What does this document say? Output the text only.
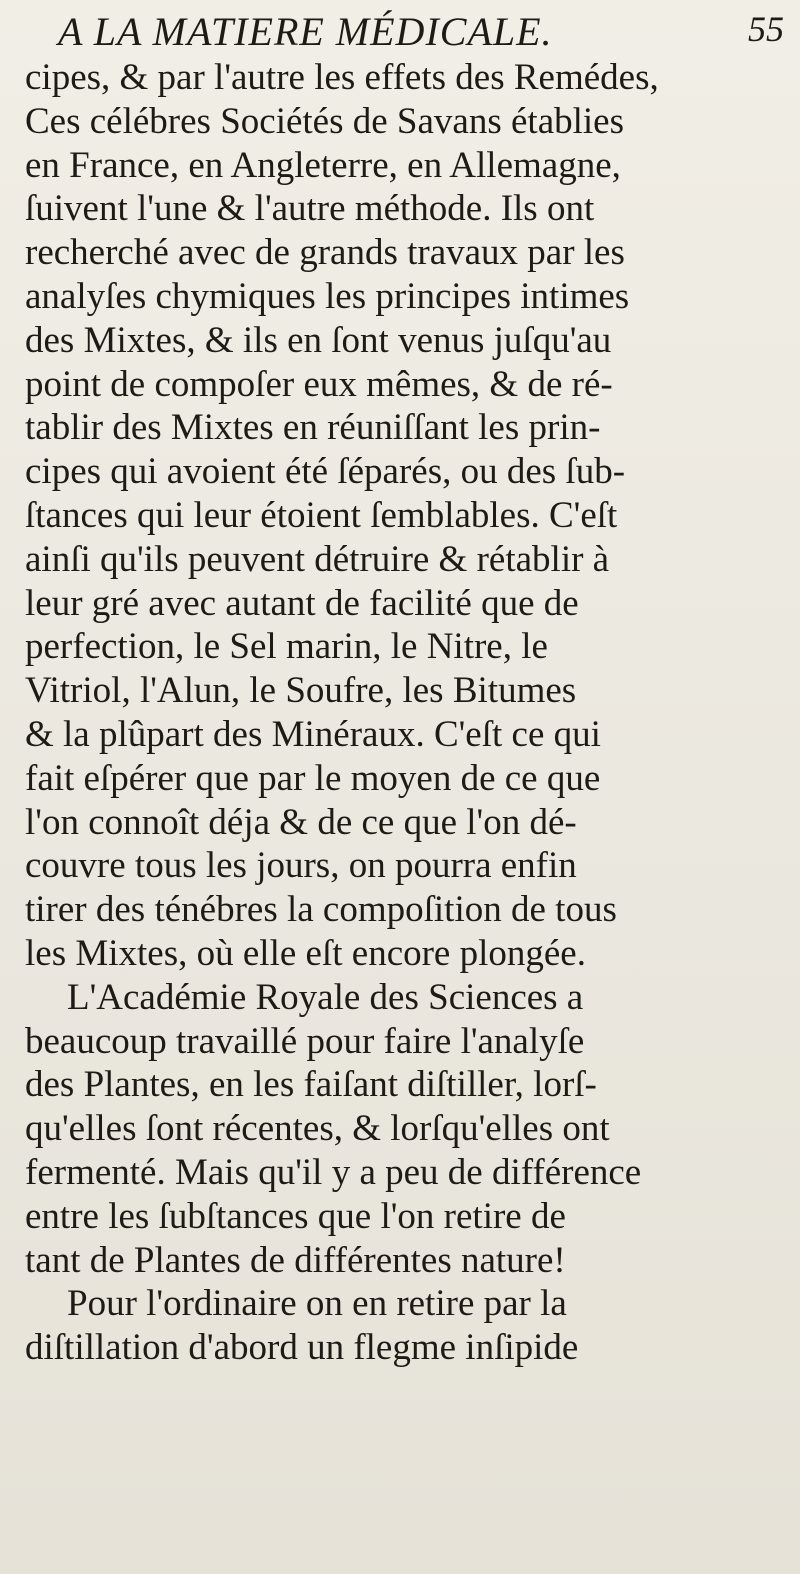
A LA MATIERE MÉDICALE.	55
cipes, & par l'autre les effets des Remédes,
Ces célébres Sociétés de Savans établies
en France, en Angleterre, en Allemagne,
ſuivent l'une & l'autre méthode. Ils ont
recherché avec de grands travaux par les
analyſes chymiques les principes intimes
des Mixtes, & ils en ſont venus juſqu'au
point de compoſer eux mêmes, & de ré-
tablir des Mixtes en réuniſſant les prin-
cipes qui avoient été ſéparés, ou des ſub-
ſtances qui leur étoient ſemblables. C'eſt
ainſi qu'ils peuvent détruire & rétablir à
leur gré avec autant de facilité que de
perfection, le Sel marin, le Nitre, le
Vitriol, l'Alun, le Soufre, les Bitumes
& la plûpart des Minéraux. C'eſt ce qui
fait eſpérer que par le moyen de ce que
l'on connoît déja & de ce que l'on dé-
couvre tous les jours, on pourra enfin
tirer des ténébres la compoſition de tous
les Mixtes, où elle eſt encore plongée.
L'Académie Royale des Sciences a
beaucoup travaillé pour faire l'analyſe
des Plantes, en les faiſant diſtiller, lorſ-
qu'elles ſont récentes, & lorſqu'elles ont
fermenté. Mais qu'il y a peu de différence
entre les ſubſtances que l'on retire de
tant de Plantes de différentes nature!
Pour l'ordinaire on en retire par la
diſtillation d'abord un flegme inſipide
